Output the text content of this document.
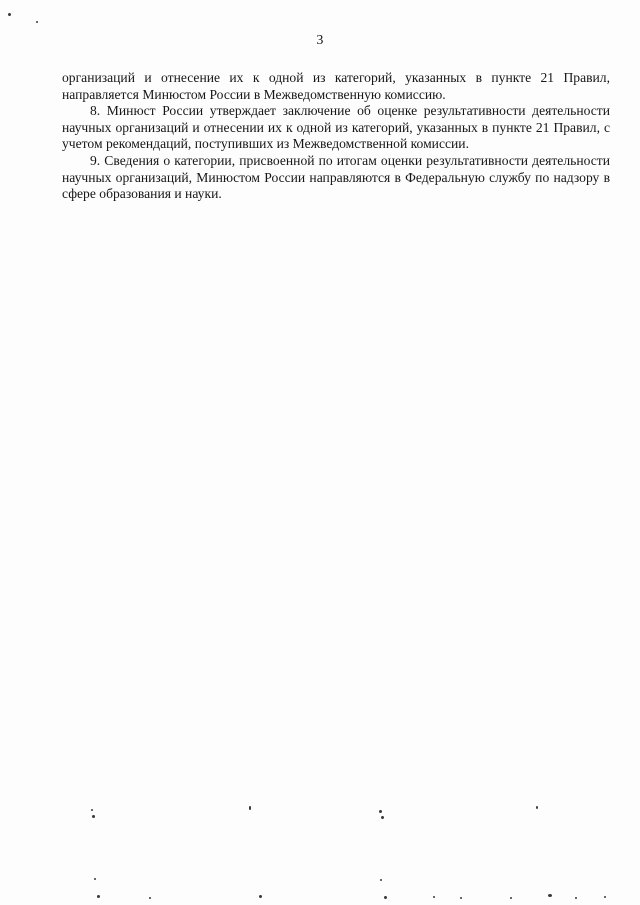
3

организаций и отнесение их к одной из категорий, указанных в пункте 21 Правил, направляется Минюстом России в Межведомственную комиссию.

8. Минюст России утверждает заключение об оценке результативности деятельности научных организаций и отнесении их к одной из категорий, указанных в пункте 21 Правил, с учетом рекомендаций, поступивших из Межведомственной комиссии.

9. Сведения о категории, присвоенной по итогам оценки результативности деятельности научных организаций, Минюстом России направляются в Федеральную службу по надзору в сфере образования и науки.
